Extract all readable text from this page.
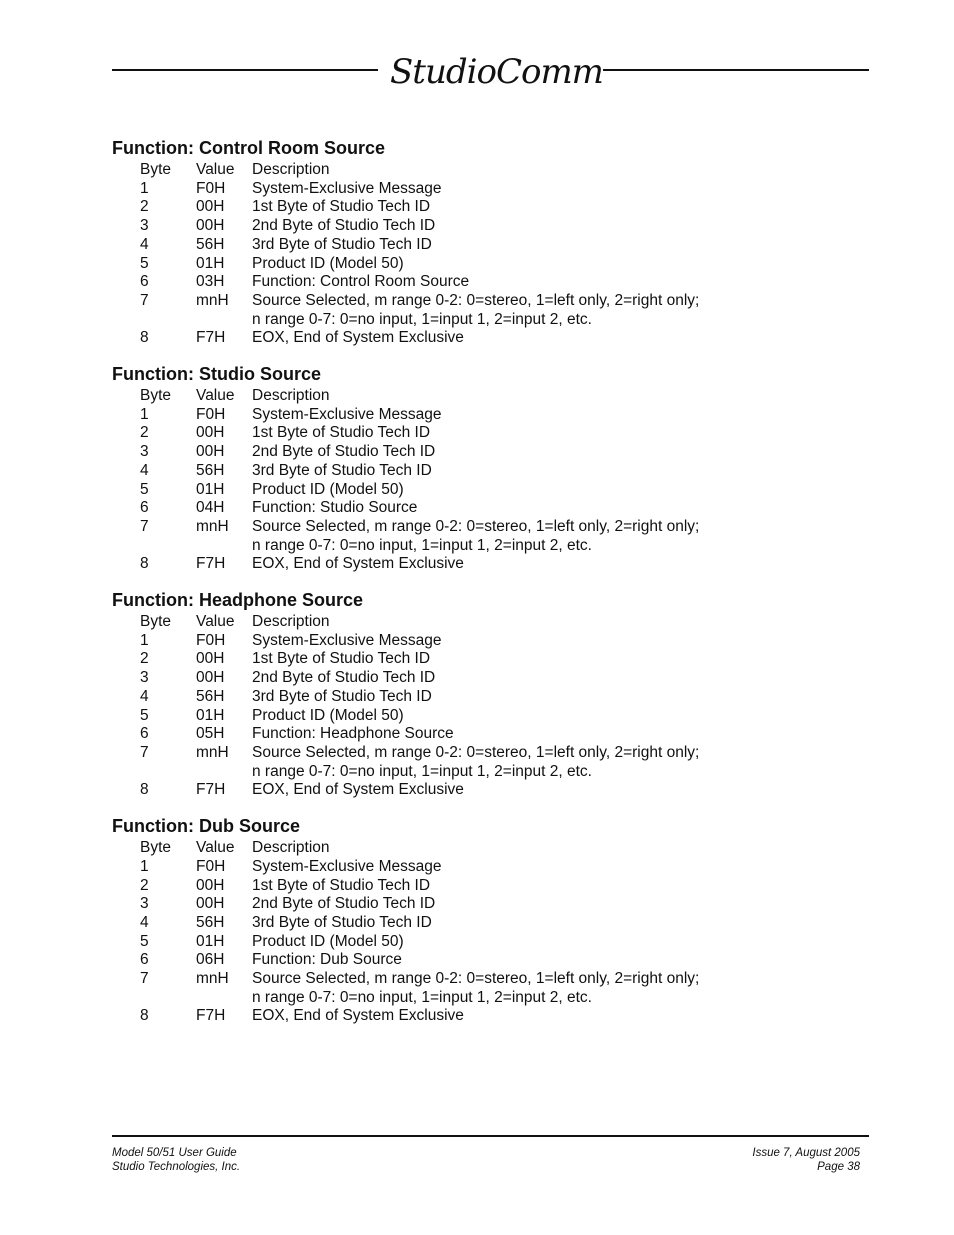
StudioComm
Function: Control Room Source
Byte	Value	Description
1	F0H	System-Exclusive Message
2	00H	1st Byte of Studio Tech ID
3	00H	2nd Byte of Studio Tech ID
4	56H	3rd Byte of Studio Tech ID
5	01H	Product ID (Model 50)
6	03H	Function: Control Room Source
7	mnH	Source Selected, m range 0-2: 0=stereo, 1=left only, 2=right only;
n range 0-7: 0=no input, 1=input 1, 2=input 2, etc.
8	F7H	EOX, End of System Exclusive
Function: Studio Source
Byte	Value	Description
1	F0H	System-Exclusive Message
2	00H	1st Byte of Studio Tech ID
3	00H	2nd Byte of Studio Tech ID
4	56H	3rd Byte of Studio Tech ID
5	01H	Product ID (Model 50)
6	04H	Function: Studio Source
7	mnH	Source Selected, m range 0-2: 0=stereo, 1=left only, 2=right only;
n range 0-7: 0=no input, 1=input 1, 2=input 2, etc.
8	F7H	EOX, End of System Exclusive
Function: Headphone Source
Byte	Value	Description
1	F0H	System-Exclusive Message
2	00H	1st Byte of Studio Tech ID
3	00H	2nd Byte of Studio Tech ID
4	56H	3rd Byte of Studio Tech ID
5	01H	Product ID (Model 50)
6	05H	Function: Headphone Source
7	mnH	Source Selected, m range 0-2: 0=stereo, 1=left only, 2=right only;
n range 0-7: 0=no input, 1=input 1, 2=input 2, etc.
8	F7H	EOX, End of System Exclusive
Function: Dub Source
Byte	Value	Description
1	F0H	System-Exclusive Message
2	00H	1st Byte of Studio Tech ID
3	00H	2nd Byte of Studio Tech ID
4	56H	3rd Byte of Studio Tech ID
5	01H	Product ID (Model 50)
6	06H	Function: Dub Source
7	mnH	Source Selected, m range 0-2: 0=stereo, 1=left only, 2=right only;
n range 0-7: 0=no input, 1=input 1, 2=input 2, etc.
8	F7H	EOX, End of System Exclusive
Model 50/51 User Guide
Studio Technologies, Inc.
Issue 7, August 2005
Page 38
